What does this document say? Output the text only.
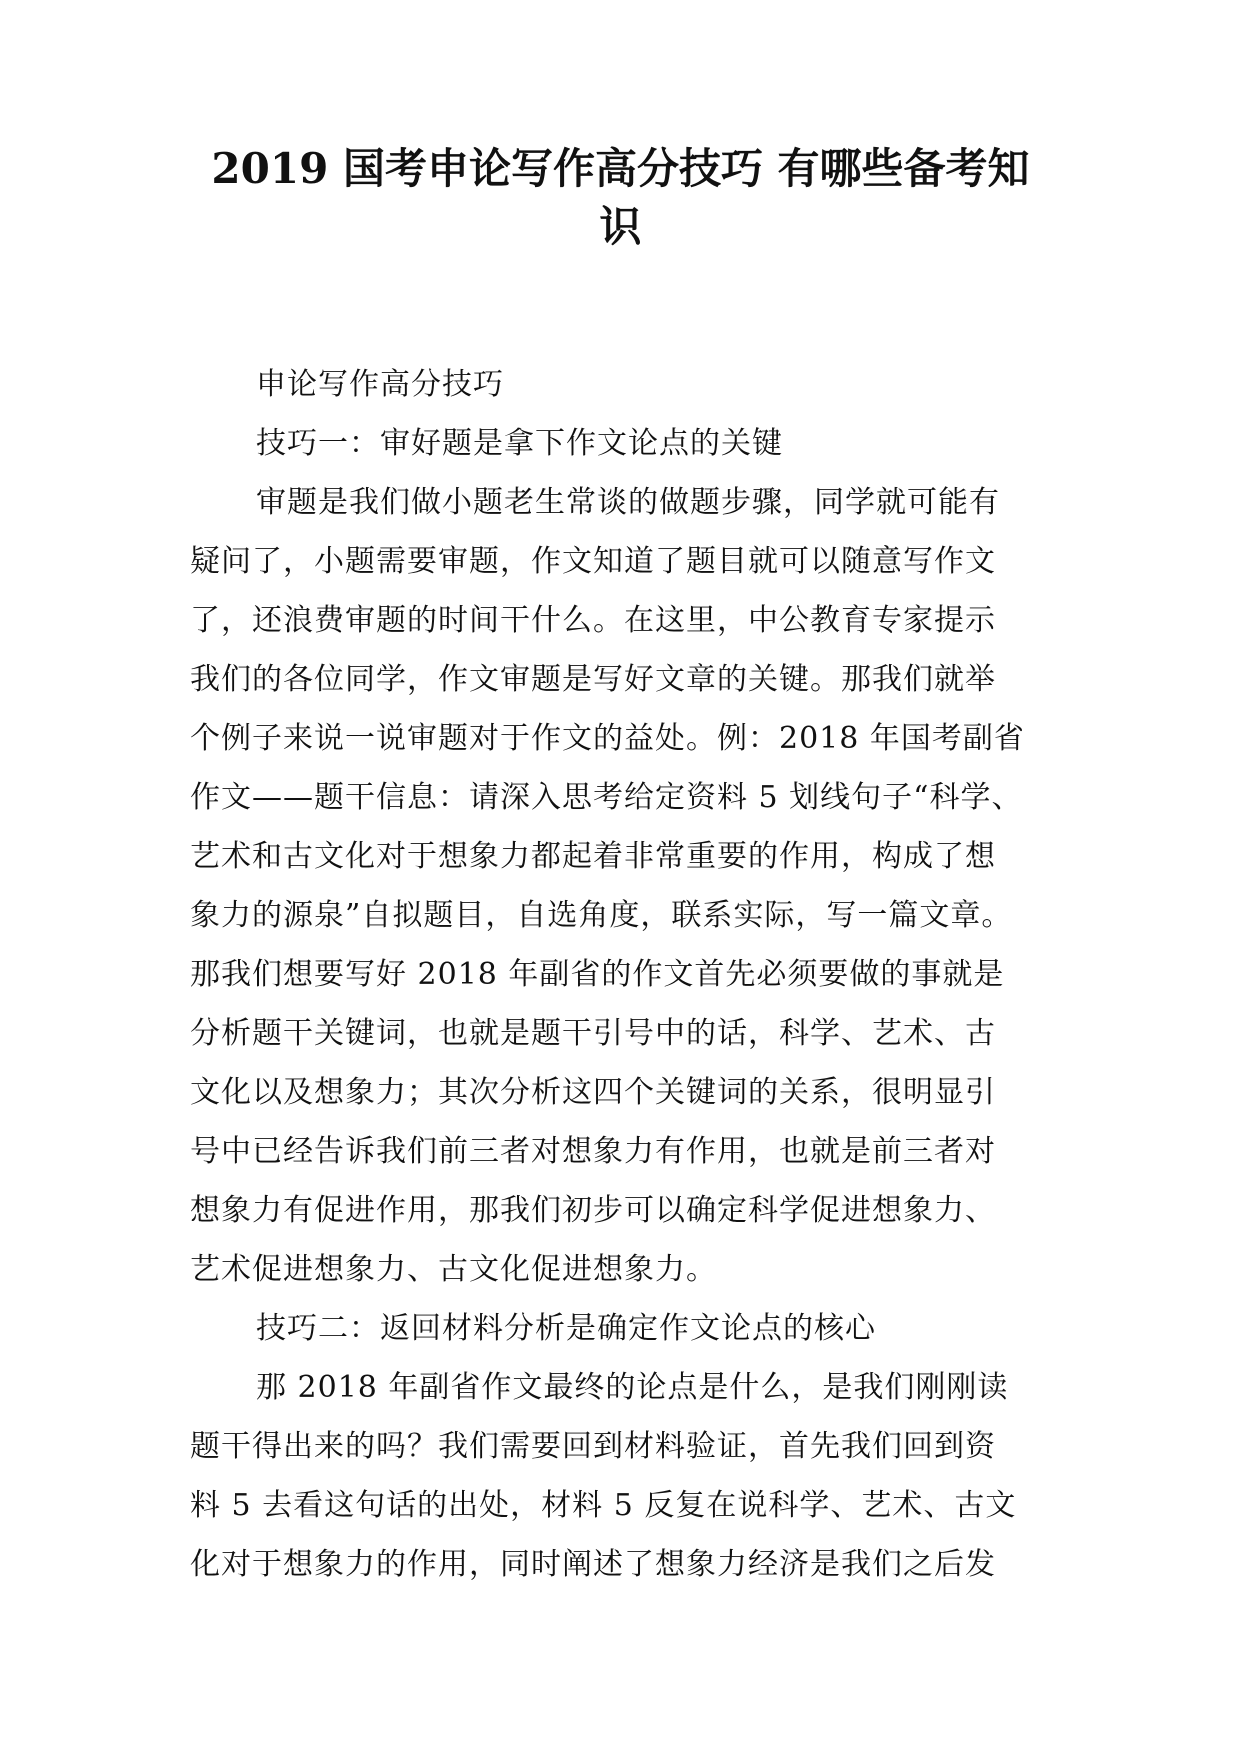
2019 国考申论写作高分技巧 有哪些备考知
识
申论写作高分技巧
技巧一：审好题是拿下作文论点的关键
审题是我们做小题老生常谈的做题步骤，同学就可能有
疑问了，小题需要审题，作文知道了题目就可以随意写作文
了，还浪费审题的时间干什么。在这里，中公教育专家提示
我们的各位同学，作文审题是写好文章的关键。那我们就举
个例子来说一说审题对于作文的益处。例：2018 年国考副省
作文——题干信息：请深入思考给定资料 5 划线句子“科学、
艺术和古文化对于想象力都起着非常重要的作用，构成了想
象力的源泉”自拟题目，自选角度，联系实际，写一篇文章。
那我们想要写好 2018 年副省的作文首先必须要做的事就是
分析题干关键词，也就是题干引号中的话，科学、艺术、古
文化以及想象力；其次分析这四个关键词的关系，很明显引
号中已经告诉我们前三者对想象力有作用，也就是前三者对
想象力有促进作用，那我们初步可以确定科学促进想象力、
艺术促进想象力、古文化促进想象力。
技巧二：返回材料分析是确定作文论点的核心
那 2018 年副省作文最终的论点是什么，是我们刚刚读
题干得出来的吗？我们需要回到材料验证，首先我们回到资
料 5 去看这句话的出处，材料 5 反复在说科学、艺术、古文
化对于想象力的作用，同时阐述了想象力经济是我们之后发
